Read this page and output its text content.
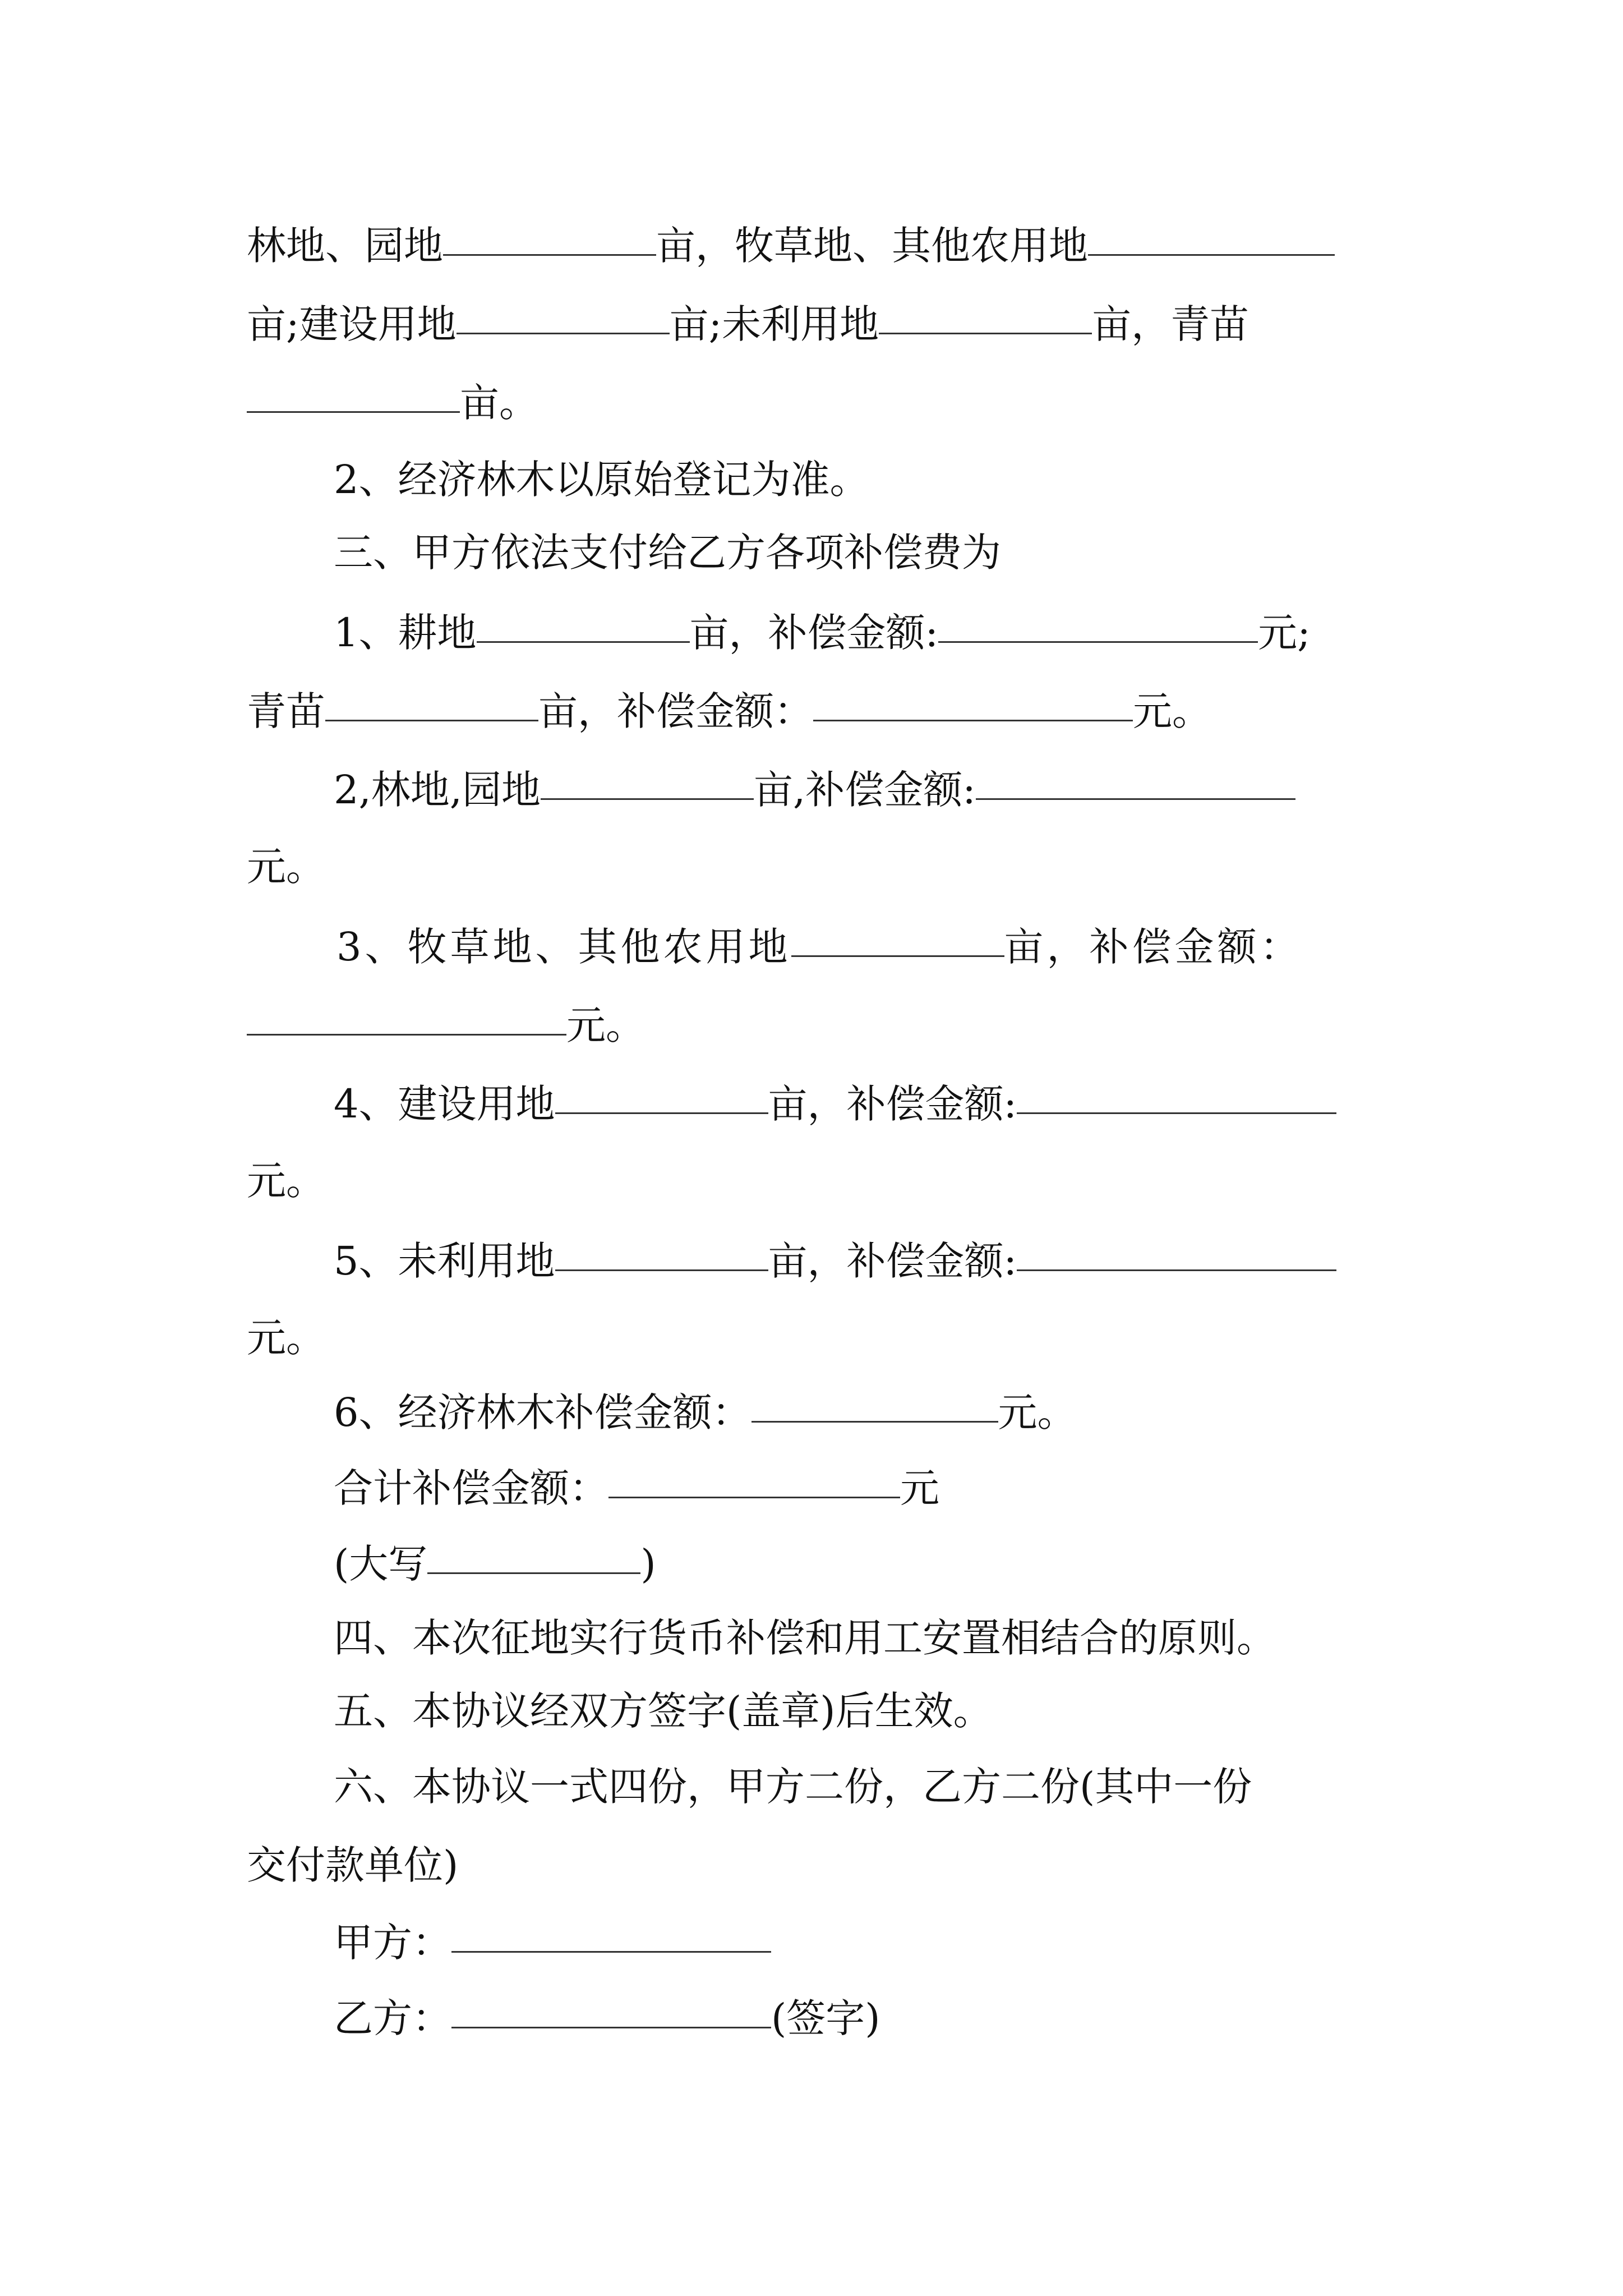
林地、园地	亩，牧草地、其他农用地
亩;建设用地	亩;未利用地	亩，青苗
亩。
2、经济林木以原始登记为准。
三、甲方依法支付给乙方各项补偿费为
1、耕地	亩，补偿金额:	元;
青苗	亩，补偿金额：	元。
2,林地,园地	亩,补偿金额:
元。
3、牧草地、其他农用地	亩，补偿金额：
元。
4、建设用地	亩，补偿金额:
元。
5、未利用地	亩，补偿金额:
元。
6、经济林木补偿金额：	元。
合计补偿金额：	元
(大写	)
四、本次征地实行货币补偿和用工安置相结合的原则。
五、本协议经双方签字(盖章)后生效。
六、本协议一式四份，甲方二份，乙方二份(其中一份
交付款单位)
甲方：
乙方：	(签字)
